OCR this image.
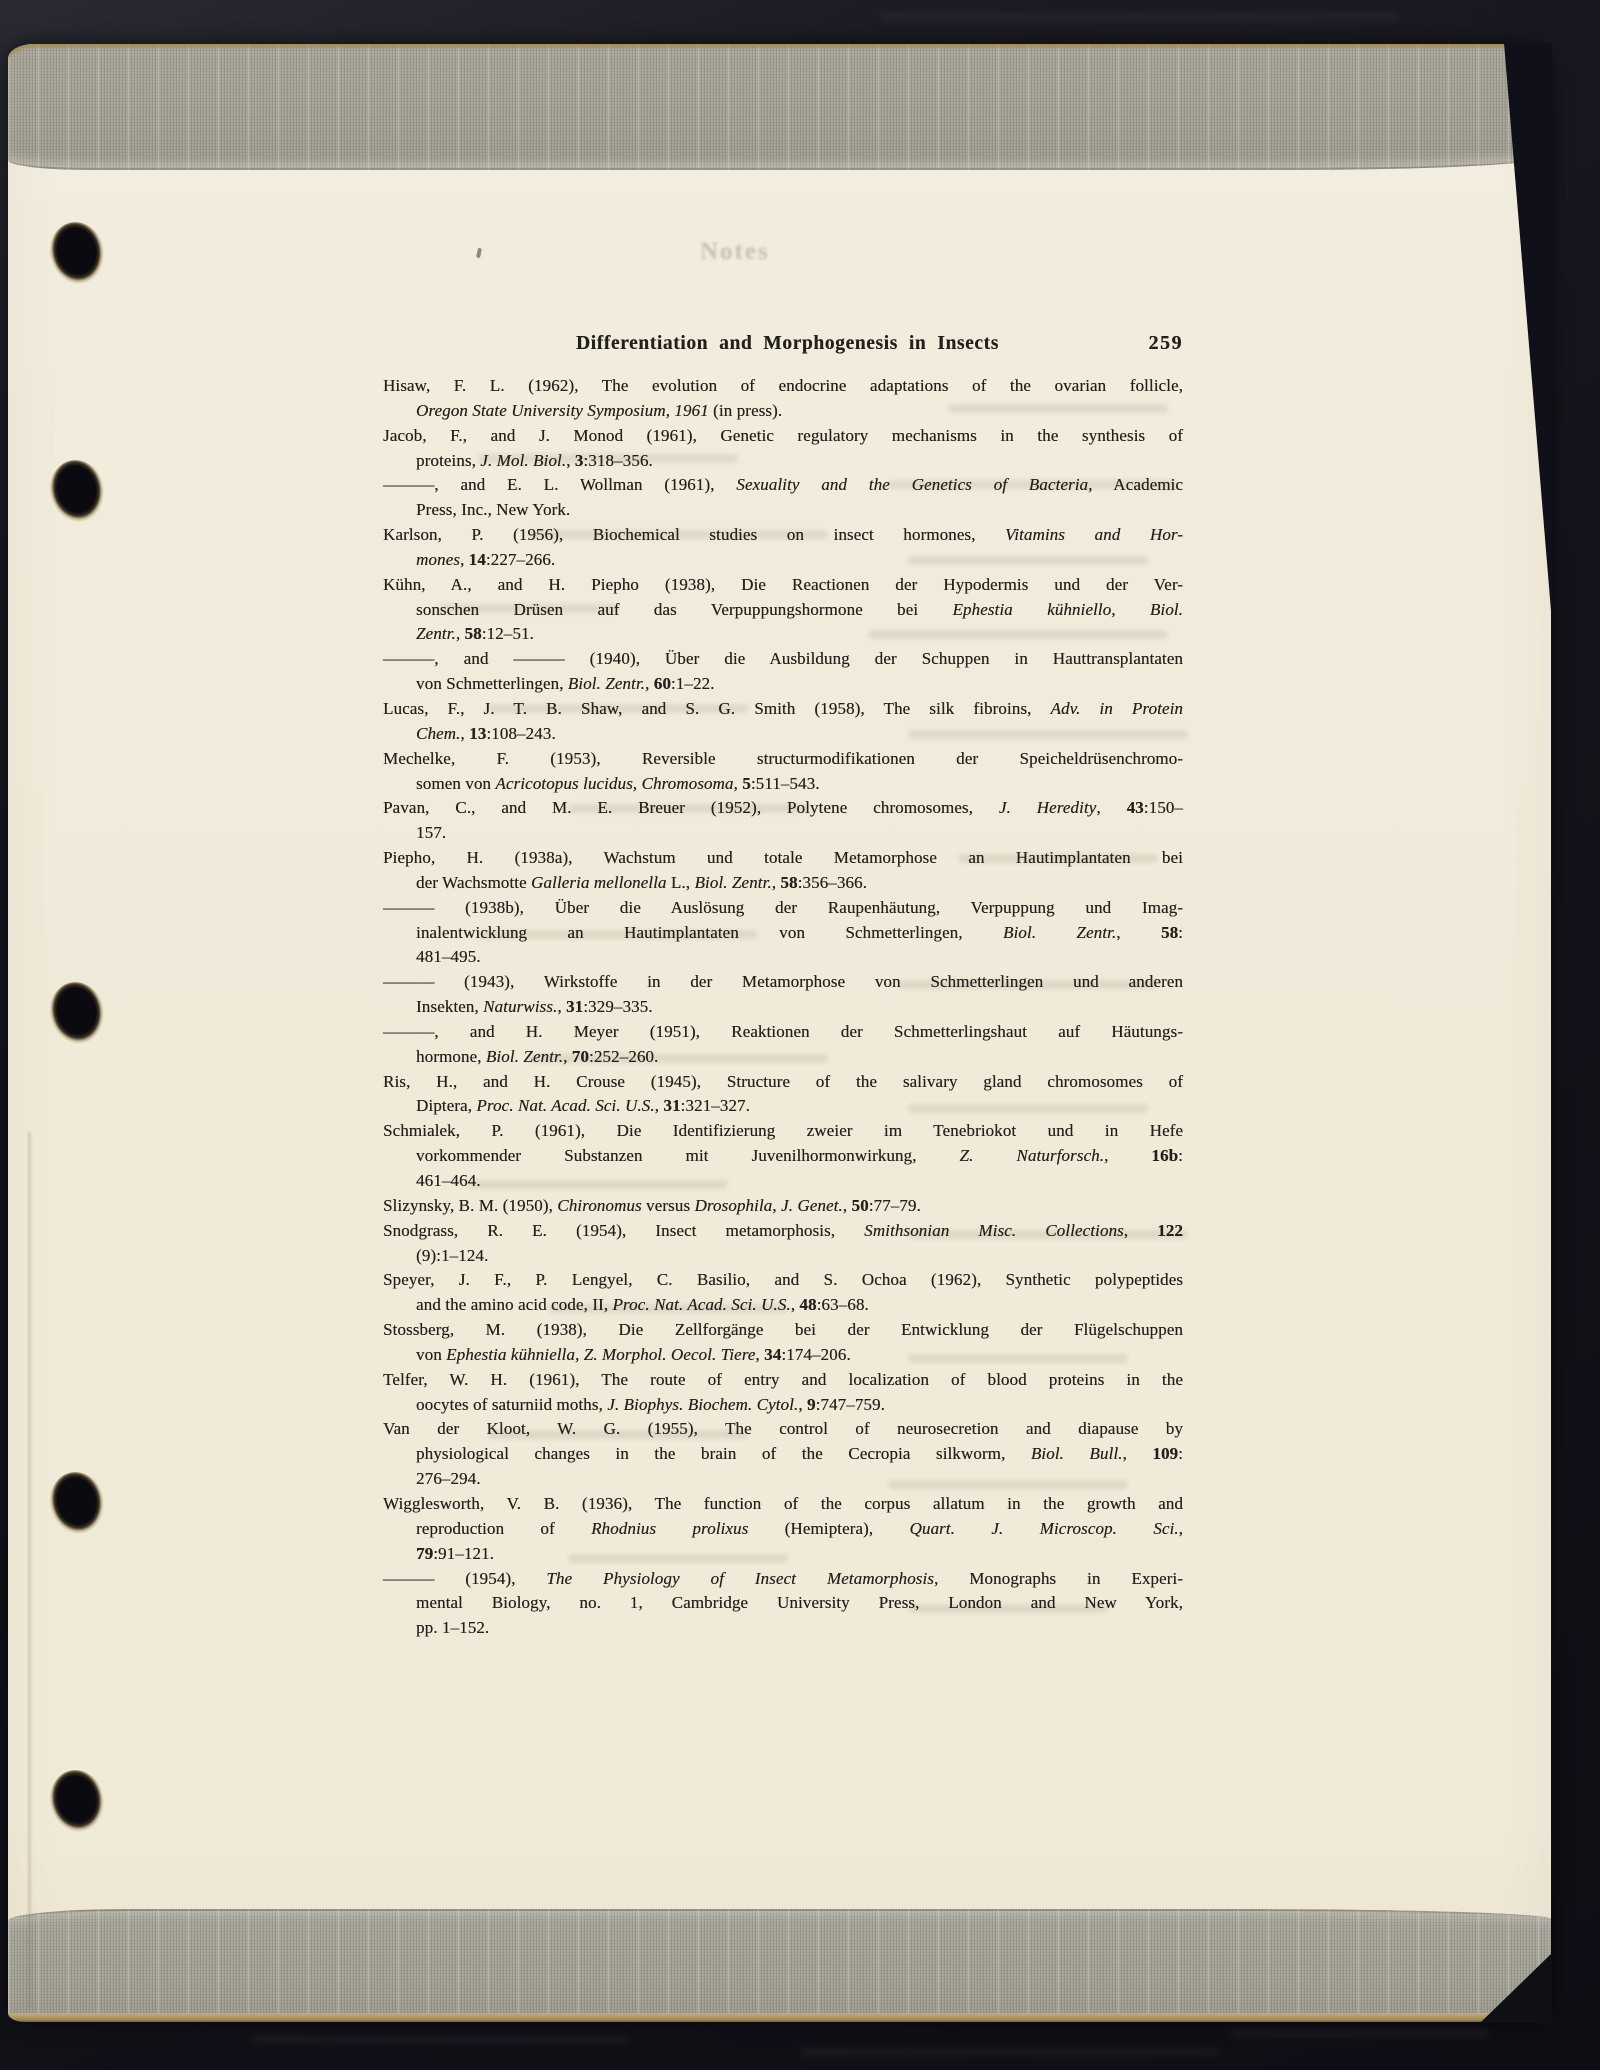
Notes
Differentiation and Morphogenesis in Insects	259
Hisaw, F. L. (1962), The evolution of endocrine adaptations of the ovarian follicle,
Oregon State University Symposium, 1961 (in press).
Jacob, F., and J. Monod (1961), Genetic regulatory mechanisms in the synthesis of
proteins, J. Mol. Biol., 3:318–356.
———, and E. L. Wollman (1961), Sexuality and the Genetics of Bacteria, Academic
Press, Inc., New York.
Karlson, P. (1956), Biochemical studies on insect hormones, Vitamins and Hor-
mones, 14:227–266.
Kühn, A., and H. Piepho (1938), Die Reactionen der Hypodermis und der Ver-
sonschen Drüsen auf das Verpuppungshormone bei Ephestia kühniello, Biol.
Zentr., 58:12–51.
———, and ——— (1940), Über die Ausbildung der Schuppen in Hauttransplantaten
von Schmetterlingen, Biol. Zentr., 60:1–22.
Lucas, F., J. T. B. Shaw, and S. G. Smith (1958), The silk fibroins, Adv. in Protein
Chem., 13:108–243.
Mechelke, F. (1953), Reversible structurmodifikationen der Speicheldrüsenchromo-
somen von Acricotopus lucidus, Chromosoma, 5:511–543.
Pavan, C., and M. E. Breuer (1952), Polytene chromosomes, J. Heredity, 43:150–
157.
Piepho, H. (1938a), Wachstum und totale Metamorphose an Hautimplantaten bei
der Wachsmotte Galleria mellonella L., Biol. Zentr., 58:356–366.
——— (1938b), Über die Auslösung der Raupenhäutung, Verpuppung und Imag-
inalentwicklung an Hautimplantaten von Schmetterlingen, Biol. Zentr., 58:
481–495.
——— (1943), Wirkstoffe in der Metamorphose von Schmetterlingen und anderen
Insekten, Naturwiss., 31:329–335.
———, and H. Meyer (1951), Reaktionen der Schmetterlingshaut auf Häutungs-
hormone, Biol. Zentr., 70:252–260.
Ris, H., and H. Crouse (1945), Structure of the salivary gland chromosomes of
Diptera, Proc. Nat. Acad. Sci. U.S., 31:321–327.
Schmialek, P. (1961), Die Identifizierung zweier im Tenebriokot und in Hefe
vorkommender Substanzen mit Juvenilhormonwirkung, Z. Naturforsch., 16b:
461–464.
Slizynsky, B. M. (1950), Chironomus versus Drosophila, J. Genet., 50:77–79.
Snodgrass, R. E. (1954), Insect metamorphosis, Smithsonian Misc. Collections, 122
(9):1–124.
Speyer, J. F., P. Lengyel, C. Basilio, and S. Ochoa (1962), Synthetic polypeptides
and the amino acid code, II, Proc. Nat. Acad. Sci. U.S., 48:63–68.
Stossberg, M. (1938), Die Zellforgänge bei der Entwicklung der Flügelschuppen
von Ephestia kühniella, Z. Morphol. Oecol. Tiere, 34:174–206.
Telfer, W. H. (1961), The route of entry and localization of blood proteins in the
oocytes of saturniid moths, J. Biophys. Biochem. Cytol., 9:747–759.
Van der Kloot, W. G. (1955), The control of neurosecretion and diapause by
physiological changes in the brain of the Cecropia silkworm, Biol. Bull., 109:
276–294.
Wigglesworth, V. B. (1936), The function of the corpus allatum in the growth and
reproduction of Rhodnius prolixus (Hemiptera), Quart. J. Microscop. Sci.,
79:91–121.
——— (1954), The Physiology of Insect Metamorphosis, Monographs in Experi-
mental Biology, no. 1, Cambridge University Press, London and New York,
pp. 1–152.
